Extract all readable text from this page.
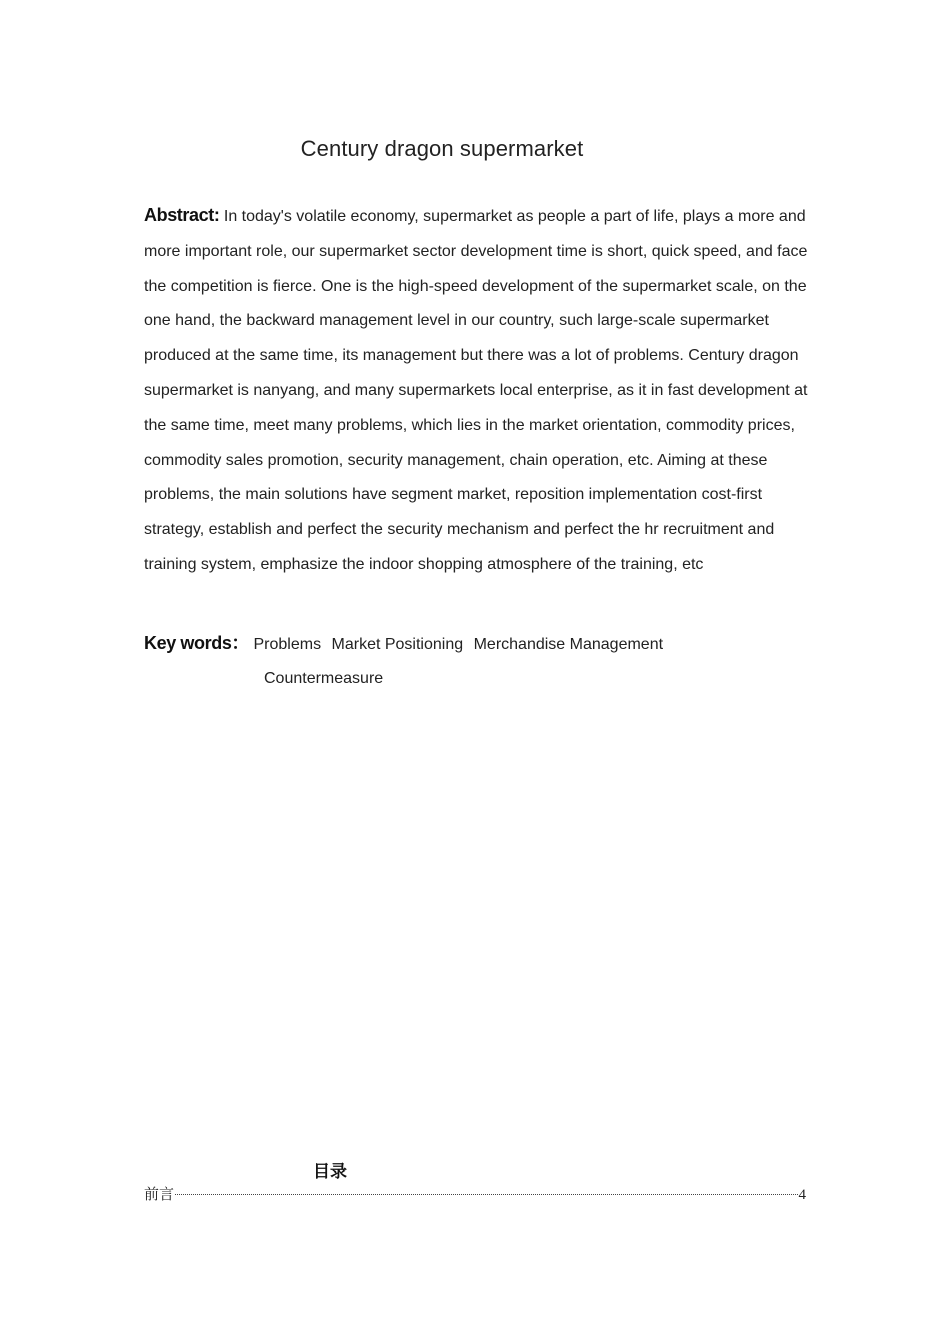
Century dragon supermarket
Abstract: In today's volatile economy, supermarket as people a part of life, plays a more and more important role, our supermarket sector development time is short, quick speed, and face the competition is fierce. One is the high-speed development of the supermarket scale, on the one hand, the backward management level in our country, such large-scale supermarket produced at the same time, its management but there was a lot of problems. Century dragon supermarket is nanyang, and many supermarkets local enterprise, as it in fast development at the same time, meet many problems, which lies in the market orientation, commodity prices, commodity sales promotion, security management, chain operation, etc. Aiming at these problems, the main solutions have segment market, reposition implementation cost-first strategy, establish and perfect the security mechanism and perfect the hr recruitment and training system, emphasize the indoor shopping atmosphere of the training, etc
Key words： Problems Market Positioning Merchandise Management
Countermeasure
目录
前言	4
